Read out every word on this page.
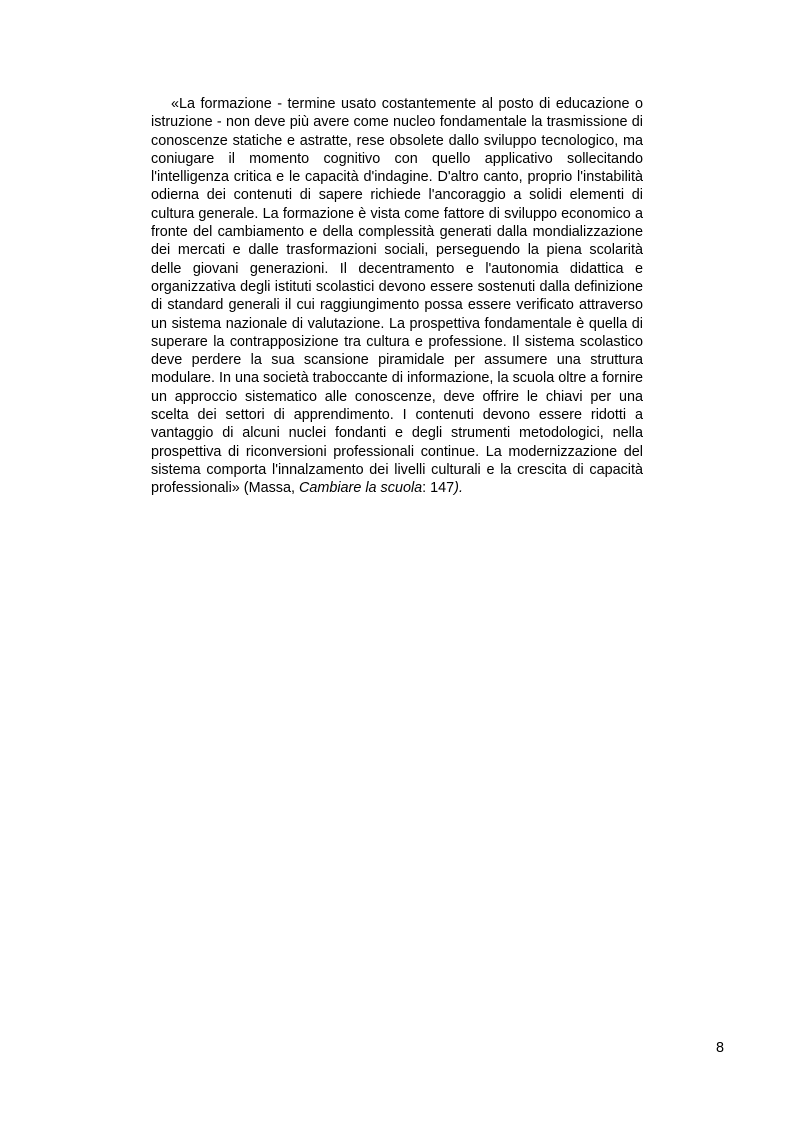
«La formazione - termine usato costantemente al posto di educazione o istruzione - non deve più avere come nucleo fondamentale la trasmissione di conoscenze statiche e astratte, rese obsolete dallo sviluppo tecnologico, ma coniugare il momento cognitivo con quello applicativo sollecitando l'intelligenza critica e le capacità d'indagine. D'altro canto, proprio l'instabilità odierna dei contenuti di sapere richiede l'ancoraggio a solidi elementi di cultura generale. La formazione è vista come fattore di sviluppo economico a fronte del cambiamento e della complessità generati dalla mondializzazione dei mercati e dalle trasformazioni sociali, perseguendo la piena scolarità delle giovani generazioni. Il decentramento e l'autonomia didattica e organizzativa degli istituti scolastici devono essere sostenuti dalla definizione di standard generali il cui raggiungimento possa essere verificato attraverso un sistema nazionale di valutazione. La prospettiva fondamentale è quella di superare la contrapposizione tra cultura e professione. Il sistema scolastico deve perdere la sua scansione piramidale per assumere una struttura modulare. In una società traboccante di informazione, la scuola oltre a fornire un approccio sistematico alle conoscenze, deve offrire le chiavi per una scelta dei settori di apprendimento. I contenuti devono essere ridotti a vantaggio di alcuni nuclei fondanti e degli strumenti metodologici, nella prospettiva di riconversioni professionali continue. La modernizzazione del sistema comporta l'innalzamento dei livelli culturali e la crescita di capacità professionali» (Massa, Cambiare la scuola: 147).

8
